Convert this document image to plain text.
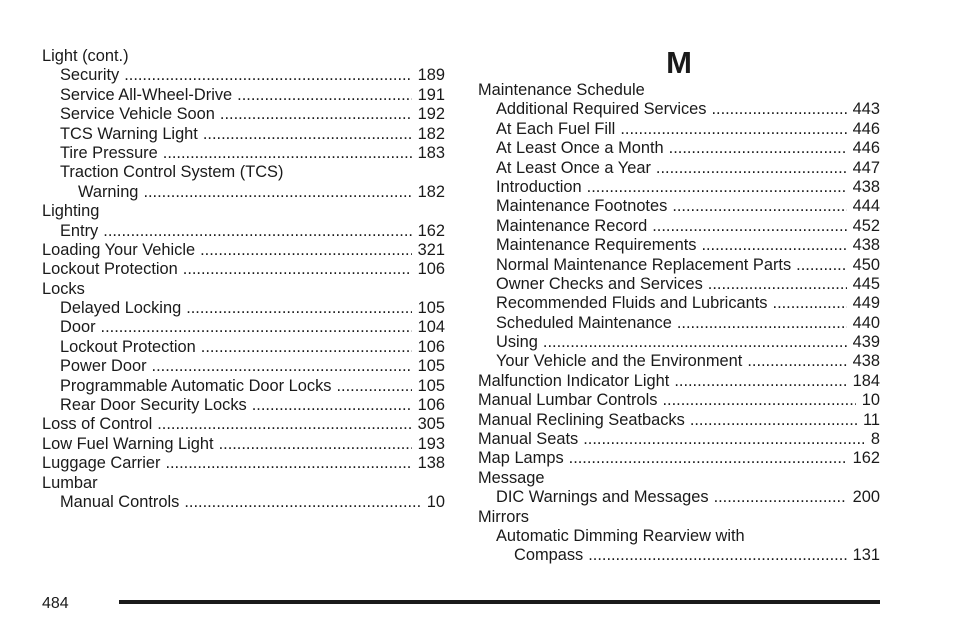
Light (cont.)
Security .....	189
Service All-Wheel-Drive .....	191
Service Vehicle Soon .....	192
TCS Warning Light .....	182
Tire Pressure .....	183
Traction Control System (TCS)
Warning .....	182
Lighting
Entry .....	162
Loading Your Vehicle .....	321
Lockout Protection .....	106
Locks
Delayed Locking .....	105
Door .....	104
Lockout Protection .....	106
Power Door .....	105
Programmable Automatic Door Locks .....	105
Rear Door Security Locks .....	106
Loss of Control .....	305
Low Fuel Warning Light .....	193
Luggage Carrier .....	138
Lumbar
Manual Controls .....	10
M
Maintenance Schedule
Additional Required Services .....	443
At Each Fuel Fill .....	446
At Least Once a Month .....	446
At Least Once a Year .....	447
Introduction .....	438
Maintenance Footnotes .....	444
Maintenance Record .....	452
Maintenance Requirements .....	438
Normal Maintenance Replacement Parts .....	450
Owner Checks and Services .....	445
Recommended Fluids and Lubricants .....	449
Scheduled Maintenance .....	440
Using .....	439
Your Vehicle and the Environment .....	438
Malfunction Indicator Light .....	184
Manual Lumbar Controls .....	10
Manual Reclining Seatbacks .....	11
Manual Seats .....	8
Map Lamps .....	162
Message
DIC Warnings and Messages .....	200
Mirrors
Automatic Dimming Rearview with
Compass .....	131
484
